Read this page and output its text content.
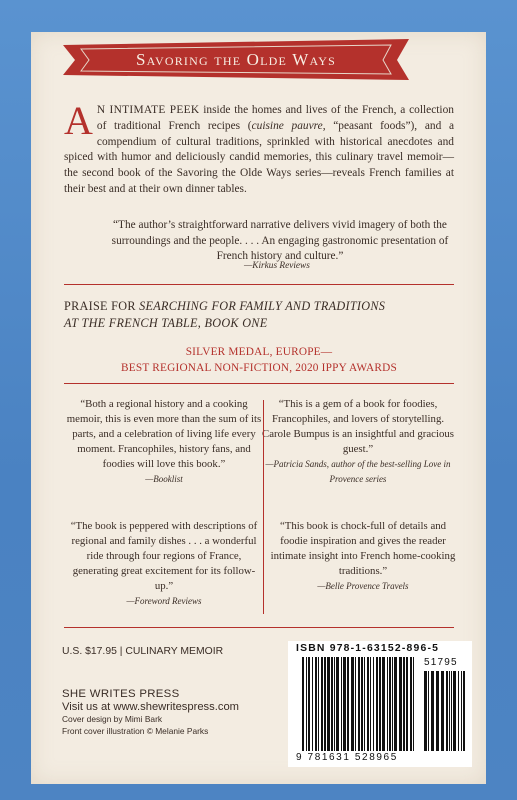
Savoring the Olde Ways
A N INTIMATE PEEK inside the homes and lives of the French, a collection of traditional French recipes (cuisine pauvre, “peasant foods”), and a compendium of cultural traditions, sprinkled with historical anecdotes and spiced with humor and deliciously candid memories, this culinary travel memoir—the second book of the Savoring the Olde Ways series—reveals French families at their best and at their own dinner tables.
“The author’s straightforward narrative delivers vivid imagery of both the surroundings and the people. . . . An engaging gastronomic presentation of French history and culture.”
—Kirkus Reviews
PRAISE FOR SEARCHING FOR FAMILY AND TRADITIONS
AT THE FRENCH TABLE, BOOK ONE
SILVER MEDAL, EUROPE—
BEST REGIONAL NON-FICTION, 2020 IPPY AWARDS
“Both a regional history and a cooking memoir, this is even more than the sum of its parts, and a celebration of living life every moment. Francophiles, history fans, and foodies will love this book.”
—Booklist
“This is a gem of a book for foodies, Francophiles, and lovers of storytelling. Carole Bumpus is an insightful and gracious guest.”
—Patricia Sands, author of the best-selling Love in Provence series
“The book is peppered with descriptions of regional and family dishes . . . a wonderful ride through four regions of France, generating great excitement for its follow-up.”
—Foreword Reviews
“This book is chock-full of details and foodie inspiration and gives the reader intimate insight into French home-cooking traditions.”
—Belle Provence Travels
U.S. $17.95 | CULINARY MEMOIR
SHE WRITES PRESS
Visit us at www.shewritespress.com
Cover design by Mimi Bark
Front cover illustration © Melanie Parks
ISBN 978-1-63152-896-5
51795
9 781631 528965
